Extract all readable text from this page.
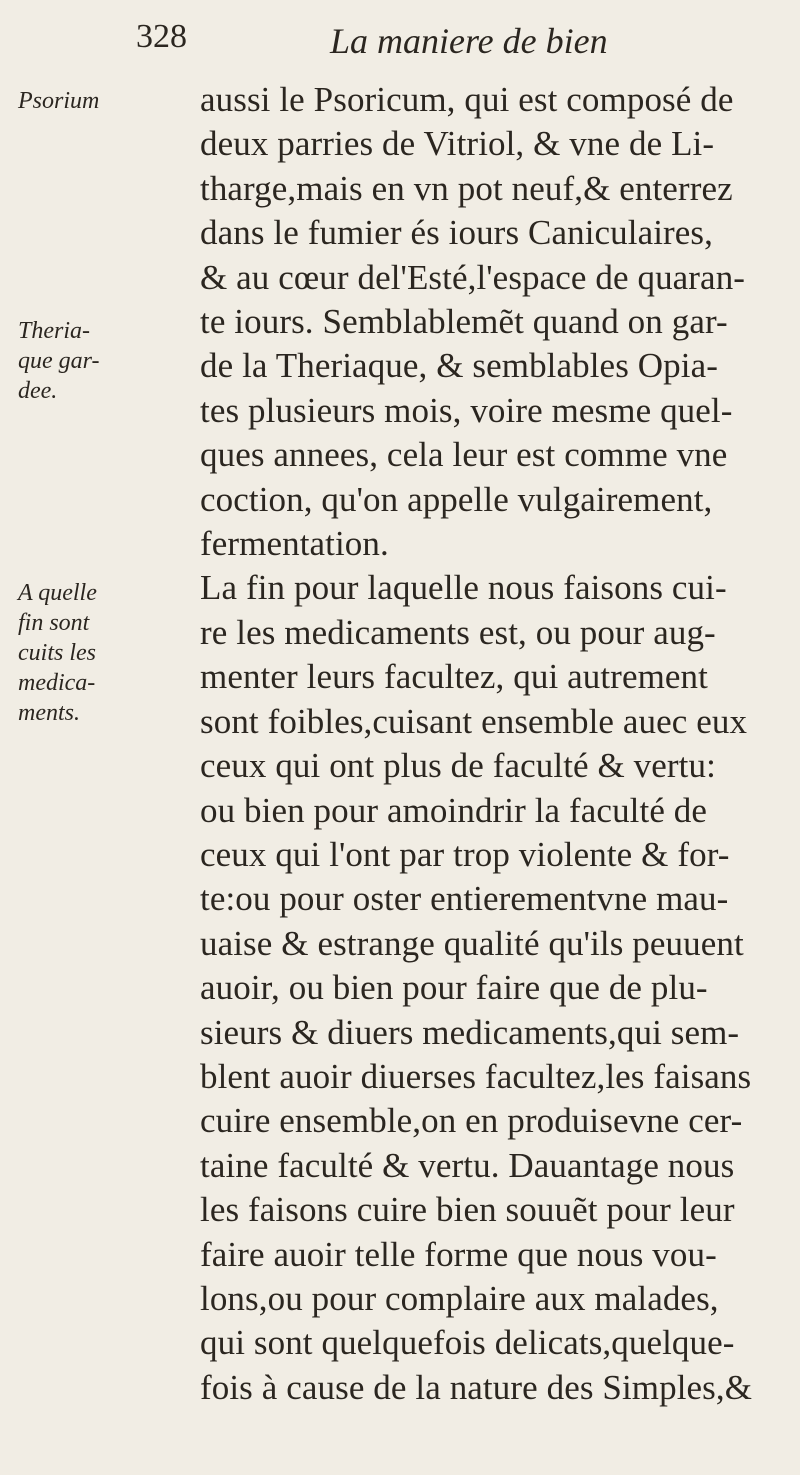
328	La maniere de bien
Psorium
Theria-
que gar-
dee.
A quelle
fin sont
cuits les
medica-
ments.
aussi le Psoricum, qui est composé de
deux parries de Vitriol, & vne de Li-
tharge,mais en vn pot neuf,& enterrez
dans le fumier és iours Caniculaires,
& au cœur del'Esté,l'espace de quaran-
te iours. Semblablemẽt quand on gar-
de la Theriaque, & semblables Opia-
tes plusieurs mois, voire mesme quel-
ques annees, cela leur est comme vne
coction, qu'on appelle vulgairement,
fermentation.
La fin pour laquelle nous faisons cui-
re les medicaments est, ou pour aug-
menter leurs facultez, qui autrement
sont foibles,cuisant ensemble auec eux
ceux qui ont plus de faculté & vertu:
ou bien pour amoindrir la faculté de
ceux qui l'ont par trop violente & for-
te:ou pour oster entierementvne mau-
uaise & estrange qualité qu'ils peuuent
auoir, ou bien pour faire que de plu-
sieurs & diuers medicaments,qui sem-
blent auoir diuerses facultez,les faisans
cuire ensemble,on en produisevne cer-
taine faculté & vertu. Dauantage nous
les faisons cuire bien souuẽt pour leur
faire auoir telle forme que nous vou-
lons,ou pour complaire aux malades,
qui sont quelquefois delicats,quelque-
fois à cause de la nature des Simples,&
